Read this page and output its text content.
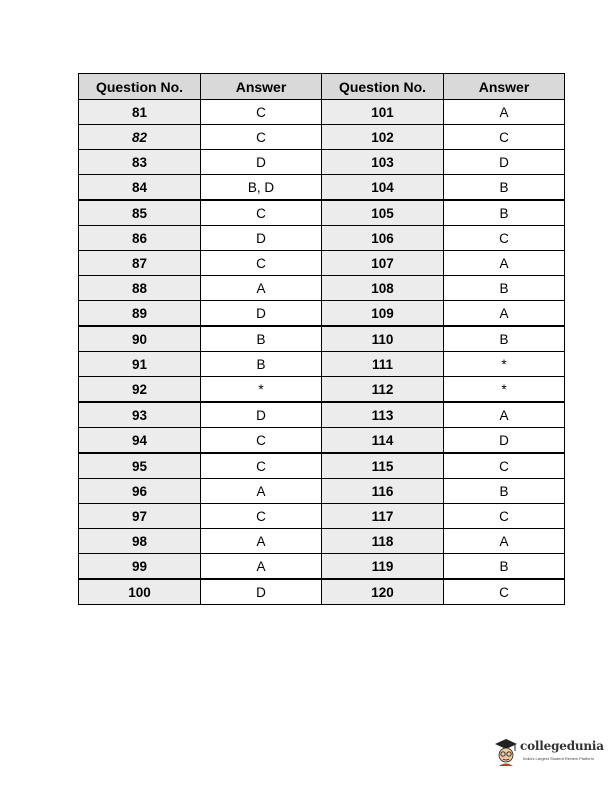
Question No.	Answer	Question No.	Answer
81	C	101	A
82	C	102	C
83	D	103	D
84	B, D	104	B
85	C	105	B
86	D	106	C
87	C	107	A
88	A	108	B
89	D	109	A
90	B	110	B
91	B	111	*
92	*	112	*
93	D	113	A
94	C	114	D
95	C	115	C
96	A	116	B
97	C	117	C
98	A	118	A
99	A	119	B
100	D	120	C
collegedunia
India's Largest Student Review Platform
